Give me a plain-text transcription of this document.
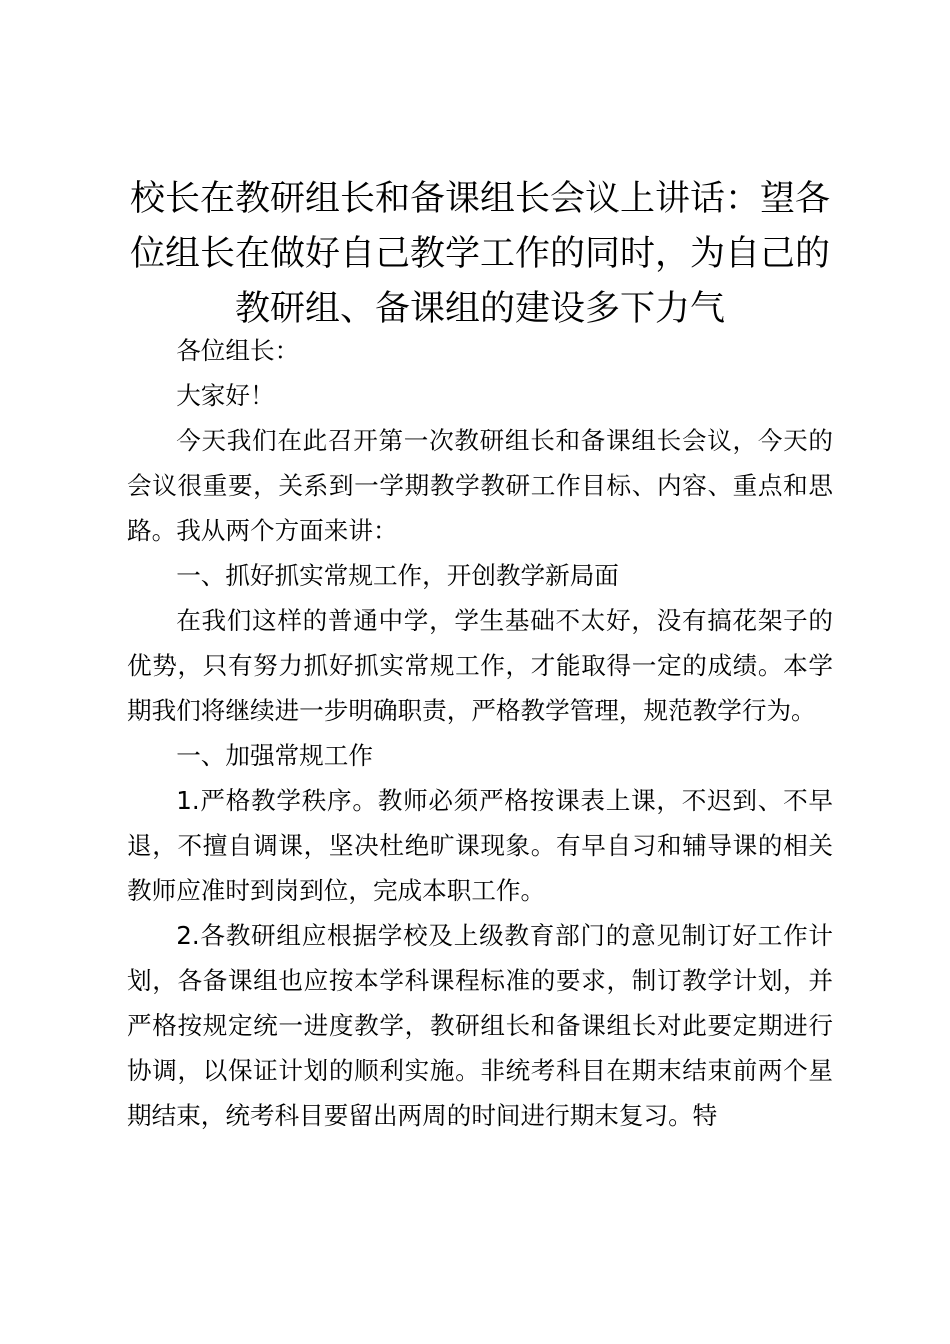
校长在教研组长和备课组长会议上讲话：望各位组长在做好自己教学工作的同时，为自己的教研组、备课组的建设多下力气

各位组长：

大家好！

今天我们在此召开第一次教研组长和备课组长会议，今天的会议很重要，关系到一学期教学教研工作目标、内容、重点和思路。我从两个方面来讲：

一、抓好抓实常规工作，开创教学新局面

在我们这样的普通中学，学生基础不太好，没有搞花架子的优势，只有努力抓好抓实常规工作，才能取得一定的成绩。本学期我们将继续进一步明确职责，严格教学管理，规范教学行为。

一、加强常规工作

1.严格教学秩序。教师必须严格按课表上课，不迟到、不早退，不擅自调课，坚决杜绝旷课现象。有早自习和辅导课的相关教师应准时到岗到位，完成本职工作。

2.各教研组应根据学校及上级教育部门的意见制订好工作计划，各备课组也应按本学科课程标准的要求，制订教学计划，并严格按规定统一进度教学，教研组长和备课组长对此要定期进行协调，以保证计划的顺利实施。非统考科目在期末结束前两个星期结束，统考科目要留出两周的时间进行期末复习。特
